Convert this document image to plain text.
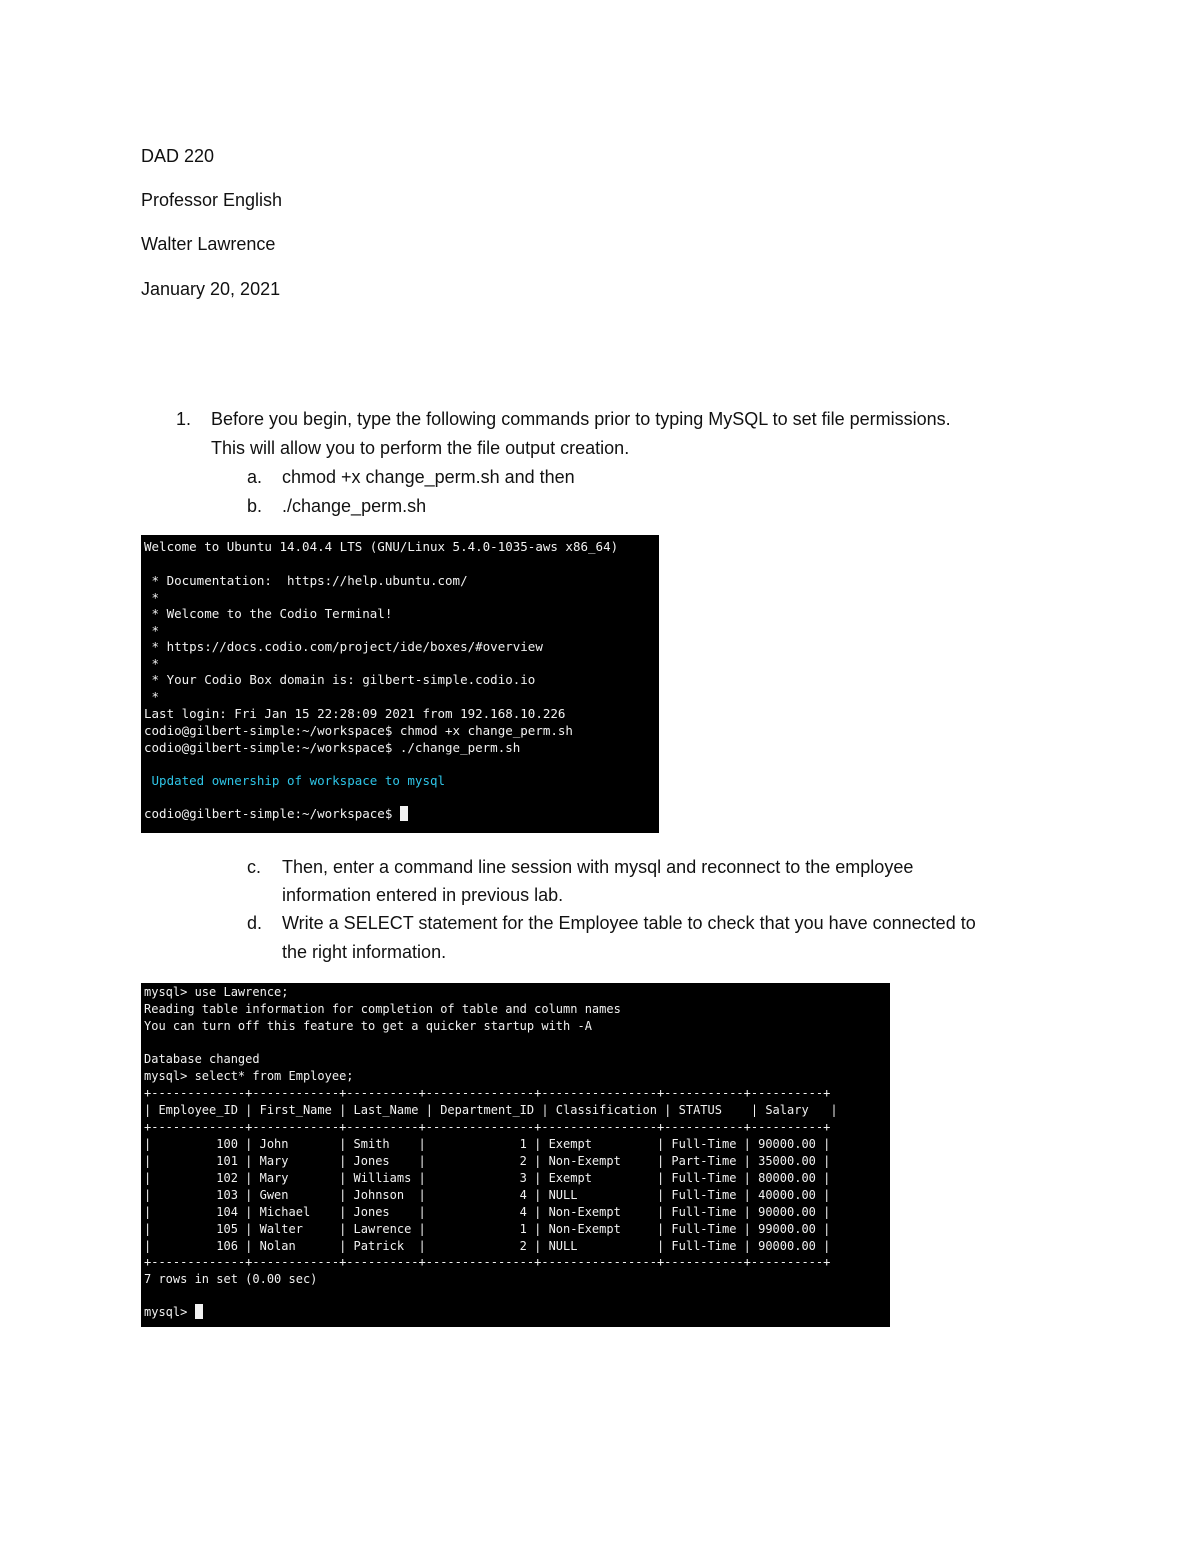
DAD 220
Professor English
Walter Lawrence
January 20, 2021
1. Before you begin, type the following commands prior to typing MySQL to set file permissions.
This will allow you to perform the file output creation.
a. chmod +x change_perm.sh and then
b. ./change_perm.sh
Welcome to Ubuntu 14.04.4 LTS (GNU/Linux 5.4.0-1035-aws x86_64)
* Documentation:  https://help.ubuntu.com/
*
* Welcome to the Codio Terminal!
*
* https://docs.codio.com/project/ide/boxes/#overview
*
* Your Codio Box domain is: gilbert-simple.codio.io
*
Last login: Fri Jan 15 22:28:09 2021 from 192.168.10.226
codio@gilbert-simple:~/workspace$ chmod +x change_perm.sh
codio@gilbert-simple:~/workspace$ ./change_perm.sh
Updated ownership of workspace to mysql
codio@gilbert-simple:~/workspace$
c. Then, enter a command line session with mysql and reconnect to the employee
information entered in previous lab.
d. Write a SELECT statement for the Employee table to check that you have connected to
the right information.
mysql> use Lawrence;
Reading table information for completion of table and column names
You can turn off this feature to get a quicker startup with -A
Database changed
mysql> select* from Employee;
+-------------+------------+----------+---------------+----------------+-----------+----------+
| Employee_ID | First_Name | Last_Name | Department_ID | Classification | STATUS    | Salary   |
+-------------+------------+----------+---------------+----------------+-----------+----------+
|         100 | John       | Smith    |             1 | Exempt         | Full-Time | 90000.00 |
|         101 | Mary       | Jones    |             2 | Non-Exempt     | Part-Time | 35000.00 |
|         102 | Mary       | Williams |             3 | Exempt         | Full-Time | 80000.00 |
|         103 | Gwen       | Johnson  |             4 | NULL           | Full-Time | 40000.00 |
|         104 | Michael    | Jones    |             4 | Non-Exempt     | Full-Time | 90000.00 |
|         105 | Walter     | Lawrence |             1 | Non-Exempt     | Full-Time | 99000.00 |
|         106 | Nolan      | Patrick  |             2 | NULL           | Full-Time | 90000.00 |
+-------------+------------+----------+---------------+----------------+-----------+----------+
7 rows in set (0.00 sec)
mysql>
